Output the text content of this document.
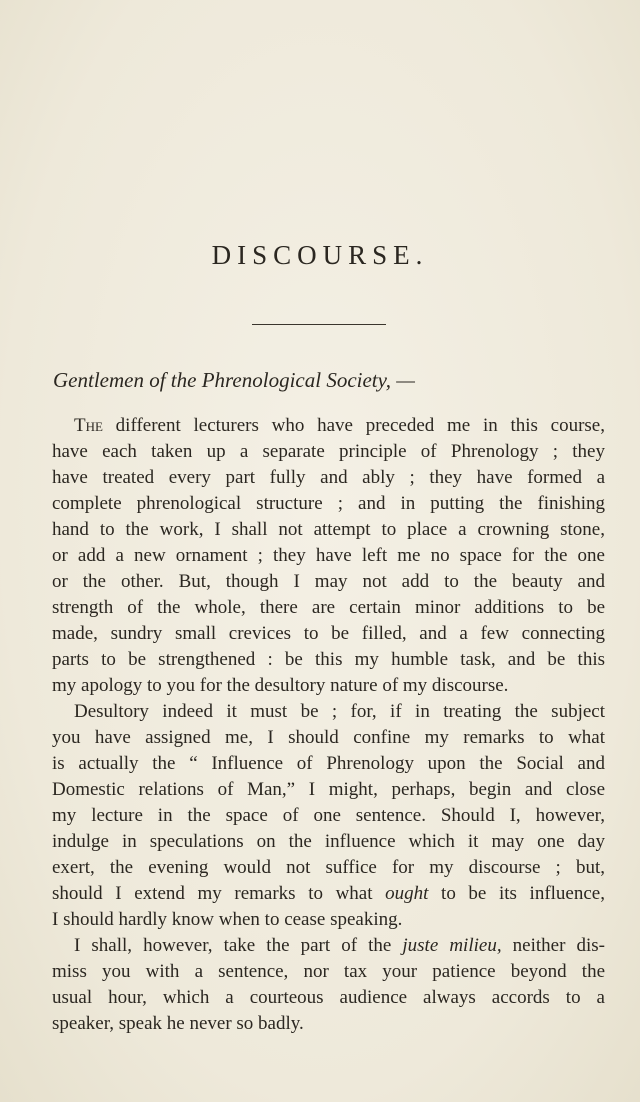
DISCOURSE.
Gentlemen of the Phrenological Society, —
The different lecturers who have preceded me in this course,
have each taken up a separate principle of Phrenology ; they
have treated every part fully and ably ; they have formed a
complete phrenological structure ; and in putting the finishing
hand to the work, I shall not attempt to place a crowning stone,
or add a new ornament ; they have left me no space for the one
or the other. But, though I may not add to the beauty and
strength of the whole, there are certain minor additions to be
made, sundry small crevices to be filled, and a few connecting
parts to be strengthened : be this my humble task, and be this
my apology to you for the desultory nature of my discourse.
Desultory indeed it must be ; for, if in treating the subject
you have assigned me, I should confine my remarks to what
is actually the “ Influence of Phrenology upon the Social and
Domestic relations of Man,” I might, perhaps, begin and close
my lecture in the space of one sentence. Should I, however,
indulge in speculations on the influence which it may one day
exert, the evening would not suffice for my discourse ; but,
should I extend my remarks to what ought to be its influence,
I should hardly know when to cease speaking.
I shall, however, take the part of the juste milieu, neither dis-
miss you with a sentence, nor tax your patience beyond the
usual hour, which a courteous audience always accords to a
speaker, speak he never so badly.
